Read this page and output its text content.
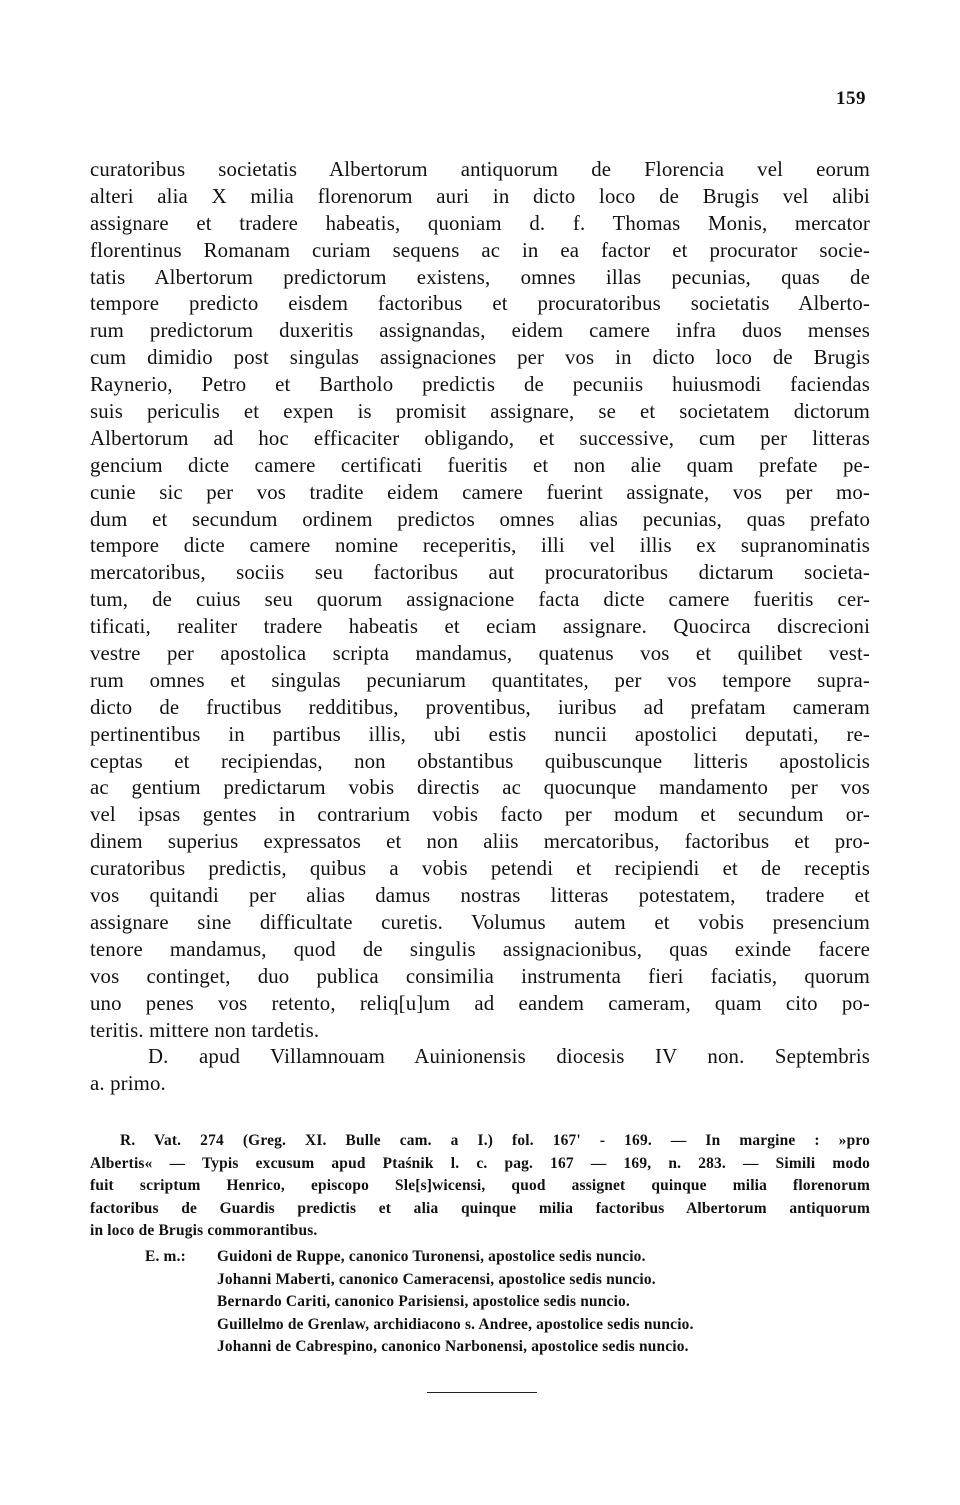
159
curatoribus societatis Albertorum antiquorum de Florencia vel eorum
alteri alia X milia florenorum auri in dicto loco de Brugis vel alibi
assignare et tradere habeatis, quoniam d. f. Thomas Monis, mercator
florentinus Romanam curiam sequens ac in ea factor et procurator socie-
tatis Albertorum predictorum existens, omnes illas pecunias, quas de
tempore predicto eisdem factoribus et procuratoribus societatis Alberto-
rum predictorum duxeritis assignandas, eidem camere infra duos menses
cum dimidio post singulas assignaciones per vos in dicto loco de Brugis
Raynerio, Petro et Bartholo predictis de pecuniis huiusmodi faciendas
suis periculis et expen is promisit assignare, se et societatem dictorum
Albertorum ad hoc efficaciter obligando, et successive, cum per litteras
gencium dicte camere certificati fueritis et non alie quam prefate pe-
cunie sic per vos tradite eidem camere fuerint assignate, vos per mo-
dum et secundum ordinem predictos omnes alias pecunias, quas prefato
tempore dicte camere nomine receperitis, illi vel illis ex supranominatis
mercatoribus, sociis seu factoribus aut procuratoribus dictarum societa-
tum, de cuius seu quorum assignacione facta dicte camere fueritis cer-
tificati, realiter tradere habeatis et eciam assignare. Quocirca discrecioni
vestre per apostolica scripta mandamus, quatenus vos et quilibet vest-
rum omnes et singulas pecuniarum quantitates, per vos tempore supra-
dicto de fructibus redditibus, proventibus, iuribus ad prefatam cameram
pertinentibus in partibus illis, ubi estis nuncii apostolici deputati, re-
ceptas et recipiendas, non obstantibus quibuscunque litteris apostolicis
ac gentium predictarum vobis directis ac quocunque mandamento per vos
vel ipsas gentes in contrarium vobis facto per modum et secundum or-
dinem superius expressatos et non aliis mercatoribus, factoribus et pro-
curatoribus predictis, quibus a vobis petendi et recipiendi et de receptis
vos quitandi per alias damus nostras litteras potestatem, tradere et
assignare sine difficultate curetis. Volumus autem et vobis presencium
tenore mandamus, quod de singulis assignacionibus, quas exinde facere
vos continget, duo publica consimilia instrumenta fieri faciatis, quorum
uno penes vos retento, reliq[u]um ad eandem cameram, quam cito po-
teritis. mittere non tardetis.
D. apud Villamnouam Auinionensis diocesis IV non. Septembris
a. primo.
R. Vat. 274 (Greg. XI. Bulle cam. a I.) fol. 167' - 169. — In margine : »pro
Albertis« — Typis excusum apud Ptaśnik l. c. pag. 167 — 169, n. 283. — Simili modo
fuit scriptum Henrico, episcopo Sle[s]wicensi, quod assignet quinque milia florenorum
factoribus de Guardis predictis et alia quinque milia factoribus Albertorum antiquorum
in loco de Brugis commorantibus.
E. m.: Guidoni de Ruppe, canonico Turonensi, apostolice sedis nuncio.
Johanni Maberti, canonico Cameracensi, apostolice sedis nuncio.
Bernardo Cariti, canonico Parisiensi, apostolice sedis nuncio.
Guillelmo de Grenlaw, archidiacono s. Andree, apostolice sedis nuncio.
Johanni de Cabrespino, canonico Narbonensi, apostolice sedis nuncio.
